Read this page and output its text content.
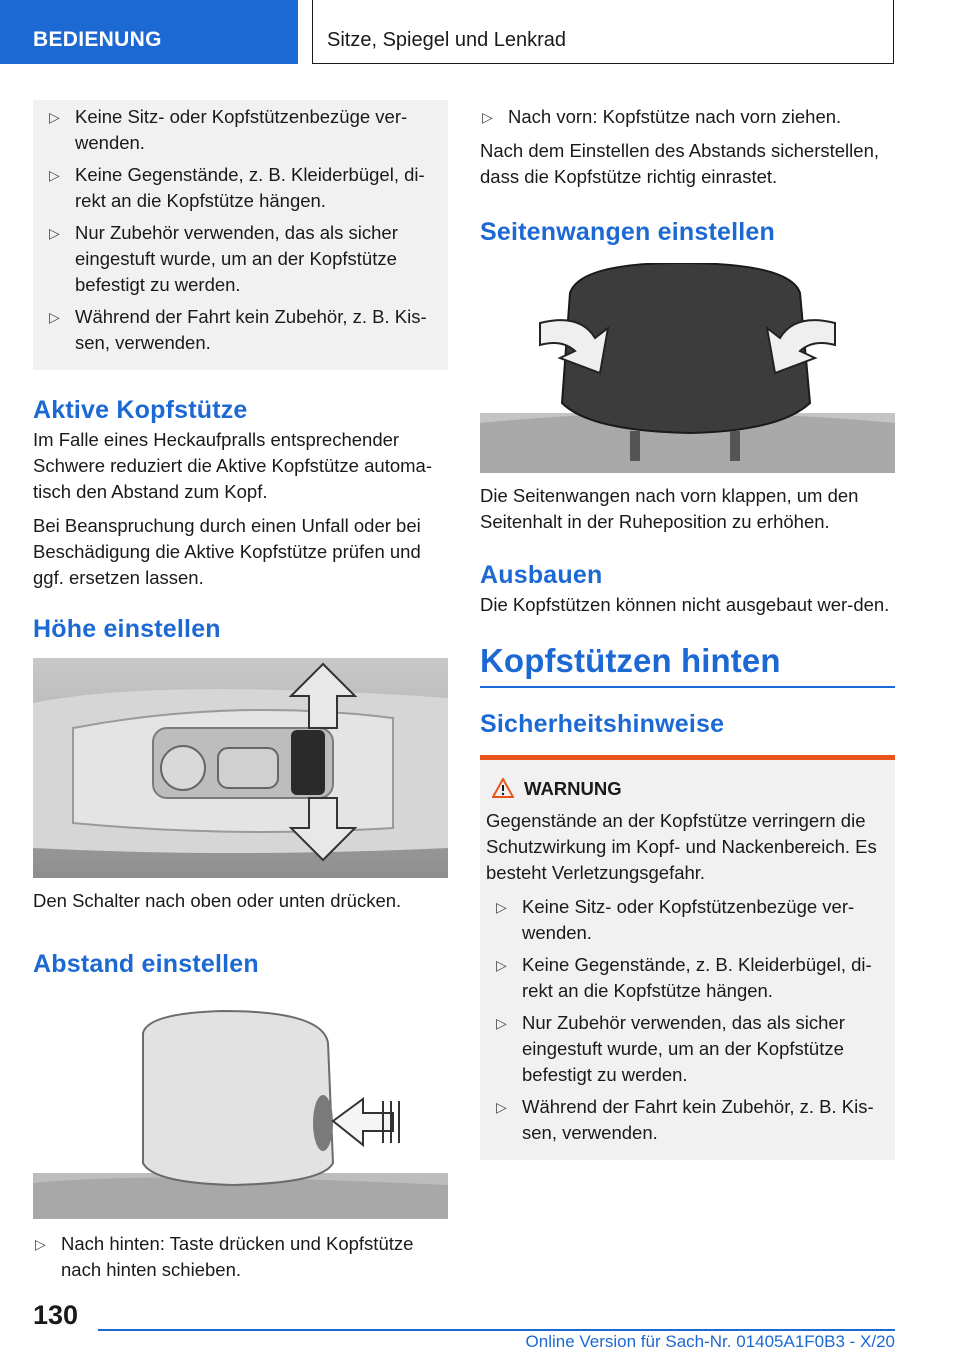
BEDIENUNG	Sitze, Spiegel und Lenkrad
▷ Keine Sitz- oder Kopfstützenbezüge ver-wenden.
▷ Keine Gegenstände, z. B. Kleiderbügel, di-rekt an die Kopfstütze hängen.
▷ Nur Zubehör verwenden, das als sicher eingestuft wurde, um an der Kopfstütze befestigt zu werden.
▷ Während der Fahrt kein Zubehör, z. B. Kis-sen, verwenden.
Aktive Kopfstütze

Im Falle eines Heckaufpralls entsprechender Schwere reduziert die Aktive Kopfstütze automa-tisch den Abstand zum Kopf.

Bei Beanspruchung durch einen Unfall oder bei Beschädigung die Aktive Kopfstütze prüfen und ggf. ersetzen lassen.

Höhe einstellen

Den Schalter nach oben oder unten drücken.

Abstand einstellen
▷ Nach hinten: Taste drücken und Kopfstütze nach hinten schieben.
▷ Nach vorn: Kopfstütze nach vorn ziehen.

Nach dem Einstellen des Abstands sicherstellen, dass die Kopfstütze richtig einrastet.

Seitenwangen einstellen

Die Seitenwangen nach vorn klappen, um den Seitenhalt in der Ruheposition zu erhöhen.

Ausbauen

Die Kopfstützen können nicht ausgebaut wer-den.

Kopfstützen hinten
Sicherheitshinweise
WARNUNG

Gegenstände an der Kopfstütze verringern die Schutzwirkung im Kopf- und Nackenbereich. Es besteht Verletzungsgefahr.

▷ Keine Sitz- oder Kopfstützenbezüge ver-wenden.
▷ Keine Gegenstände, z. B. Kleiderbügel, di-rekt an die Kopfstütze hängen.
▷ Nur Zubehör verwenden, das als sicher eingestuft wurde, um an der Kopfstütze befestigt zu werden.
▷ Während der Fahrt kein Zubehör, z. B. Kis-sen, verwenden.
130
Online Version für Sach-Nr. 01405A1F0B3 - X/20
